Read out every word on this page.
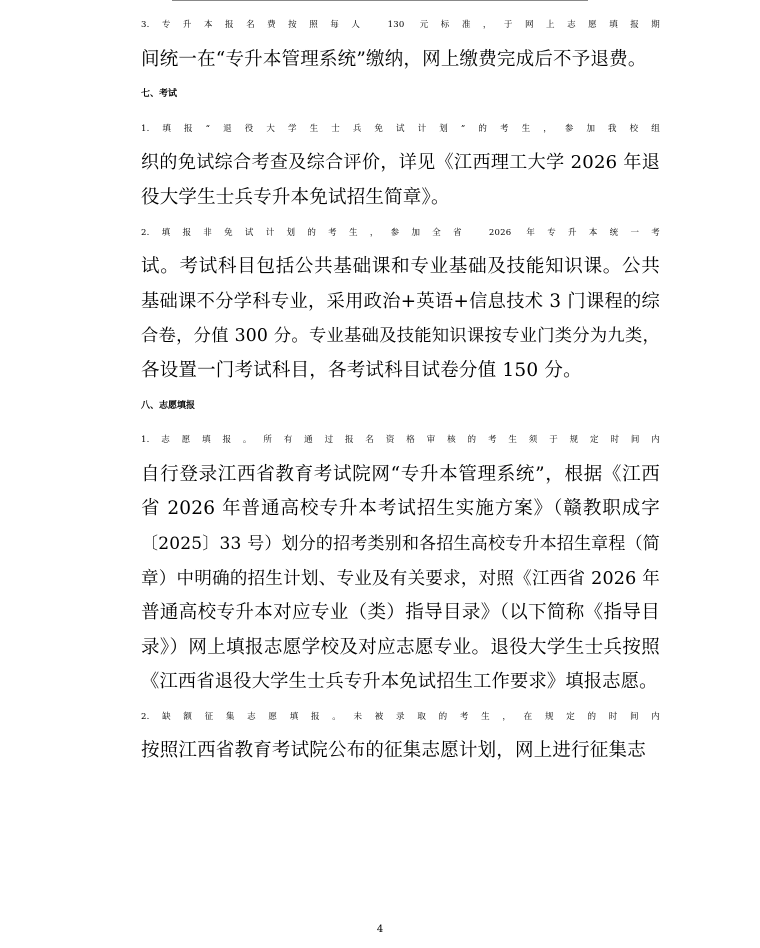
3.专升本报名费按照每人 130 元标准，于网上志愿填报期
间统一在“专升本管理系统”缴纳，网上缴费完成后不予退费。

七、考试

1.填报“退役大学生士兵免试计划”的考生，参加我校组
织的免试综合考查及综合评价，详见《江西理工大学 2026 年退
役大学生士兵专升本免试招生简章》。

2.填报非免试计划的考生，参加全省 2026 年专升本统一考
试。考试科目包括公共基础课和专业基础及技能知识课。公共
基础课不分学科专业，采用政治+英语+信息技术 3 门课程的综
合卷，分值 300 分。专业基础及技能知识课按专业门类分为九类，
各设置一门考试科目，各考试科目试卷分值 150 分。

八、志愿填报

1.志愿填报。所有通过报名资格审核的考生须于规定时间内
自行登录江西省教育考试院网“专升本管理系统”，根据《江西
省 2026 年普通高校专升本考试招生实施方案》（赣教职成字
〔2025〕33 号）划分的招考类别和各招生高校专升本招生章程（简
章）中明确的招生计划、专业及有关要求，对照《江西省 2026 年
普通高校专升本对应专业（类）指导目录》（以下简称《指导目
录》）网上填报志愿学校及对应志愿专业。退役大学生士兵按照
《江西省退役大学生士兵专升本免试招生工作要求》填报志愿。

2.缺额征集志愿填报。未被录取的考生，在规定的时间内
按照江西省教育考试院公布的征集志愿计划，网上进行征集志

4
